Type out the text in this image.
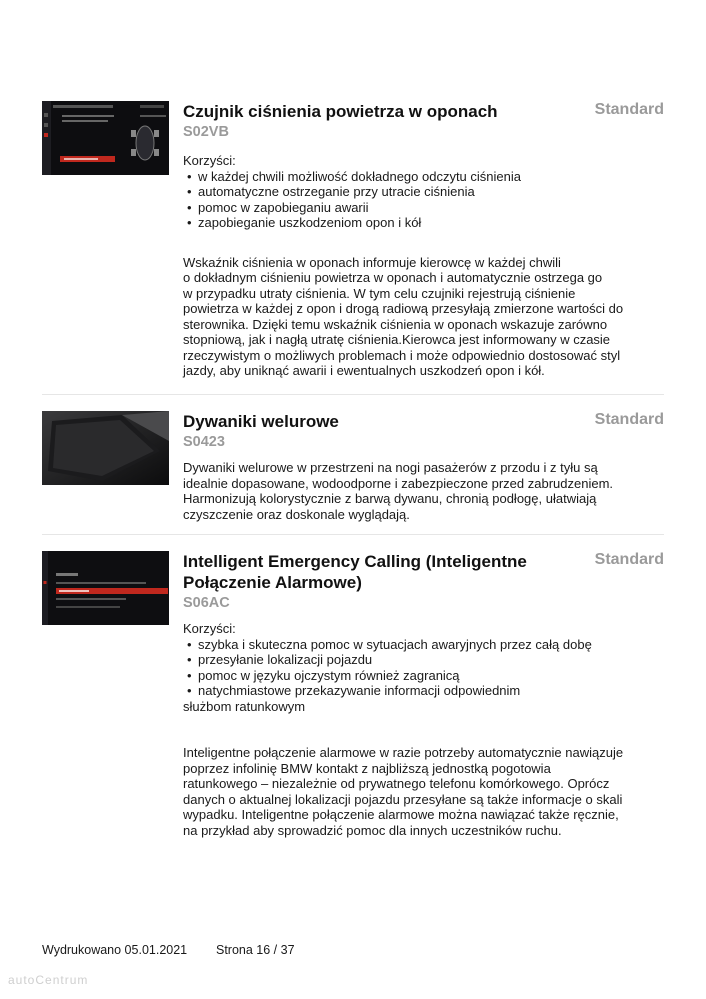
Czujnik ciśnienia powietrza w oponach
S02VB
Korzyści:
• w każdej chwili możliwość dokładnego odczytu ciśnienia
• automatyczne ostrzeganie przy utracie ciśnienia
• pomoc w zapobieganiu awarii
• zapobieganie uszkodzeniom opon i kół
Wskaźnik ciśnienia w oponach informuje kierowcę w każdej chwili
o dokładnym ciśnieniu powietrza w oponach i automatycznie ostrzega go
w przypadku utraty ciśnienia. W tym celu czujniki rejestrują ciśnienie
powietrza w każdej z opon i drogą radiową przesyłają zmierzone wartości do
sterownika. Dzięki temu wskaźnik ciśnienia w oponach wskazuje zarówno
stopniową, jak i nagłą utratę ciśnienia.Kierowca jest informowany w czasie
rzeczywistym o możliwych problemach i może odpowiednio dostosować styl
jazdy, aby uniknąć awarii i ewentualnych uszkodzeń opon i kół.
Standard
Dywaniki welurowe
S0423
Dywaniki welurowe w przestrzeni na nogi pasażerów z przodu i z tyłu są
idealnie dopasowane, wodoodporne i zabezpieczone przed zabrudzeniem.
Harmonizują kolorystycznie z barwą dywanu, chronią podłogę, ułatwiają
czyszczenie oraz doskonale wyglądają.
Standard
Intelligent Emergency Calling (Inteligentne
Połączenie Alarmowe)
S06AC
Korzyści:
• szybka i skuteczna pomoc w sytuacjach awaryjnych przez całą dobę
• przesyłanie lokalizacji pojazdu
• pomoc w języku ojczystym również zagranicą
• natychmiastowe przekazywanie informacji odpowiednim
służbom ratunkowym
Inteligentne połączenie alarmowe w razie potrzeby automatycznie nawiązuje
poprzez infolinię BMW kontakt z najbliższą jednostką pogotowia
ratunkowego – niezależnie od prywatnego telefonu komórkowego. Oprócz
danych o aktualnej lokalizacji pojazdu przesyłane są także informacje o skali
wypadku. Inteligentne połączenie alarmowe można nawiązać także ręcznie,
na przykład aby sprowadzić pomoc dla innych uczestników ruchu.
Standard
Wydrukowano 05.01.2021 Strona 16 / 37
autoCentrum
